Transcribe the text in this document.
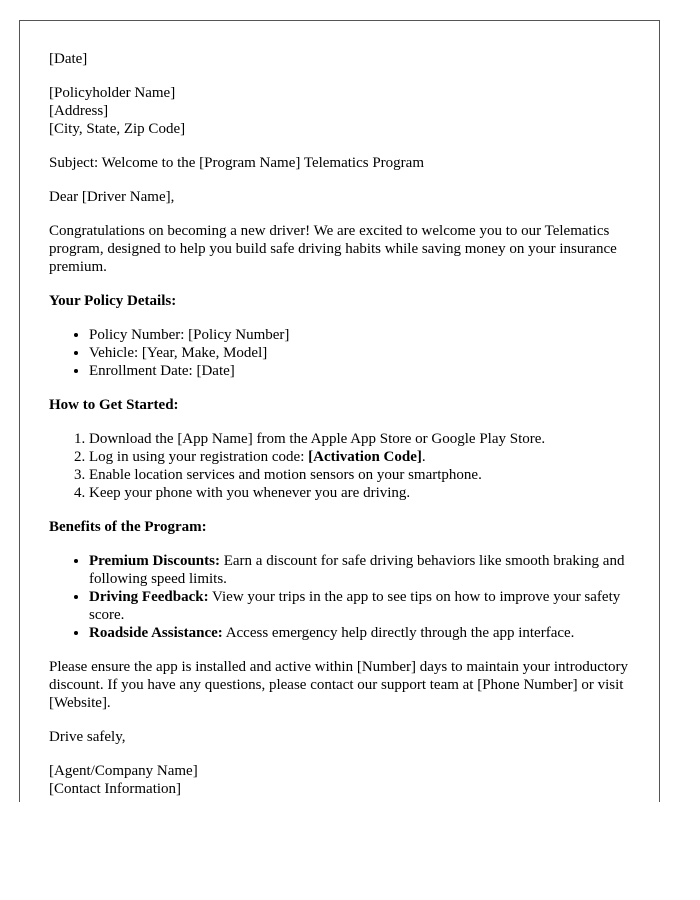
[Date]

[Policyholder Name]

[Address]

[City, State, Zip Code]

Subject: Welcome to the [Program Name] Telematics Program

Dear [Driver Name],

Congratulations on becoming a new driver! We are excited to welcome you to our Telematics program, designed to help you build safe driving habits while saving money on your insurance premium.

Your Policy Details:
• Policy Number: [Policy Number]
• Vehicle: [Year, Make, Model]
• Enrollment Date: [Date]
How to Get Started:
1. Download the [App Name] from the Apple App Store or Google Play Store.
2. Log in using your registration code: [Activation Code].
3. Enable location services and motion sensors on your smartphone.
4. Keep your phone with you whenever you are driving.
Benefits of the Program:
• Premium Discounts: Earn a discount for safe driving behaviors like smooth braking and following speed limits.
• Driving Feedback: View your trips in the app to see tips on how to improve your safety score.
• Roadside Assistance: Access emergency help directly through the app interface.

Please ensure the app is installed and active within [Number] days to maintain your introductory discount. If you have any questions, please contact our support team at [Phone Number] or visit [Website].

Drive safely,

[Agent/Company Name]

[Contact Information]
